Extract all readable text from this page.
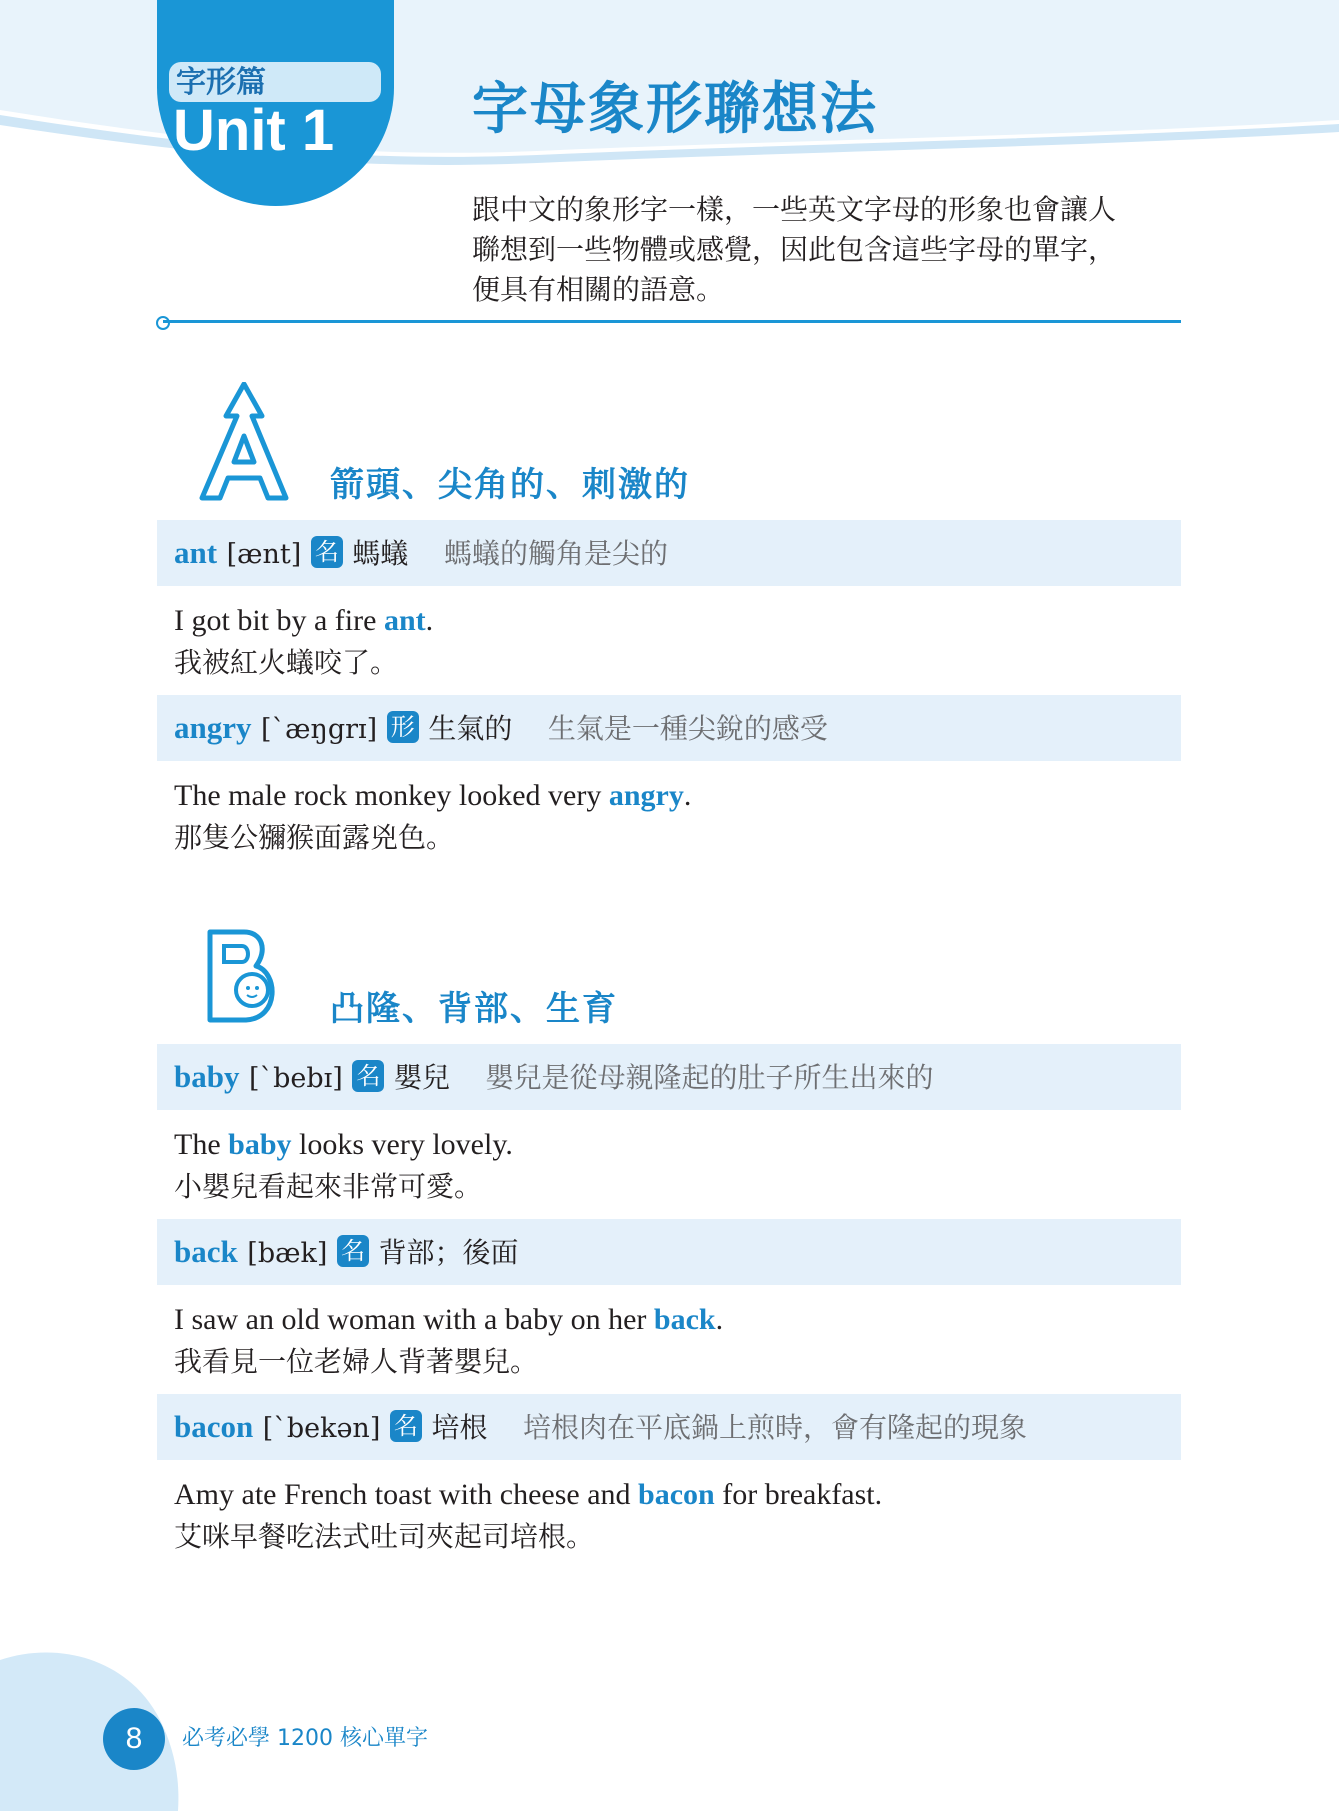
字形篇
Unit 1 字母象形聯想法
跟中文的象形字一樣，一些英文字母的形象也會讓人
聯想到一些物體或感覺，因此包含這些字母的單字，
便具有相關的語意。
箭頭、尖角的、刺激的
ant [ænt] 名 螞蟻 螞蟻的觸角是尖的
I got bit by a fire ant.
我被紅火蟻咬了。
angry [`æŋgrɪ] 形 生氣的 生氣是一種尖銳的感受
The male rock monkey looked very angry.
那隻公獼猴面露兇色。
凸隆、背部、生育
baby [`bebɪ] 名 嬰兒 嬰兒是從母親隆起的肚子所生出來的
The baby looks very lovely.
小嬰兒看起來非常可愛。
back [bæk] 名 背部；後面
I saw an old woman with a baby on her back.
我看見一位老婦人背著嬰兒。
bacon [`bekən] 名 培根 培根肉在平底鍋上煎時，會有隆起的現象
Amy ate French toast with cheese and bacon for breakfast.
艾咪早餐吃法式吐司夾起司培根。
8	必考必學 1200 核心單字
